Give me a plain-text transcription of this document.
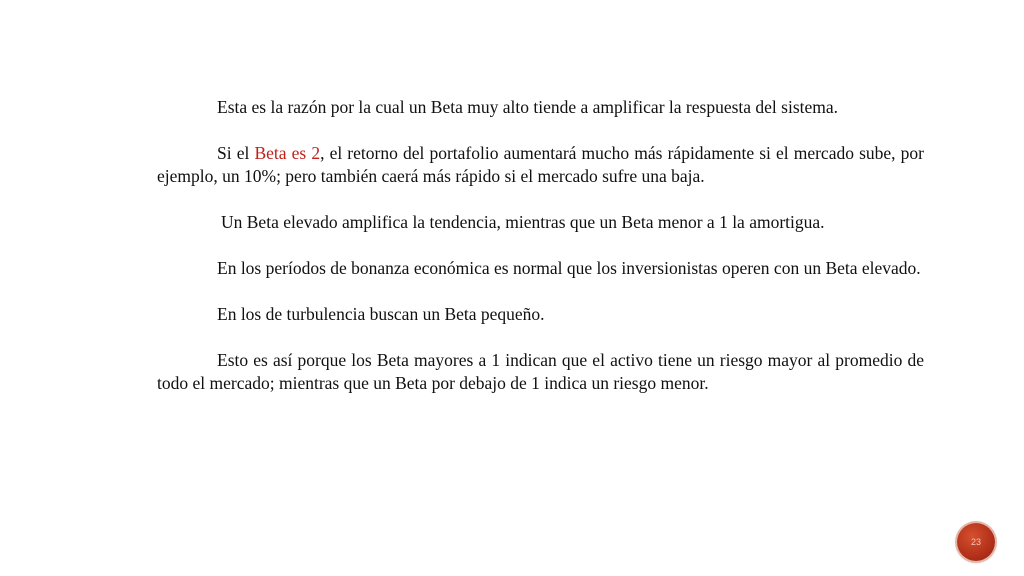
Esta es la razón por la cual un Beta muy alto tiende a amplificar la respuesta del sistema.

Si el Beta es 2, el retorno del portafolio aumentará mucho más rápidamente si el mercado sube, por ejemplo, un 10%; pero también caerá más rápido si el mercado sufre una baja.

Un Beta elevado amplifica la tendencia, mientras que un Beta menor a 1 la amortigua.

En los períodos de bonanza económica es normal que los inversionistas operen con un Beta elevado.

En los de turbulencia buscan un Beta pequeño.

Esto es así porque los Beta mayores a 1 indican que el activo tiene un riesgo mayor al promedio de todo el mercado; mientras que un Beta por debajo de 1 indica un riesgo menor.

23
